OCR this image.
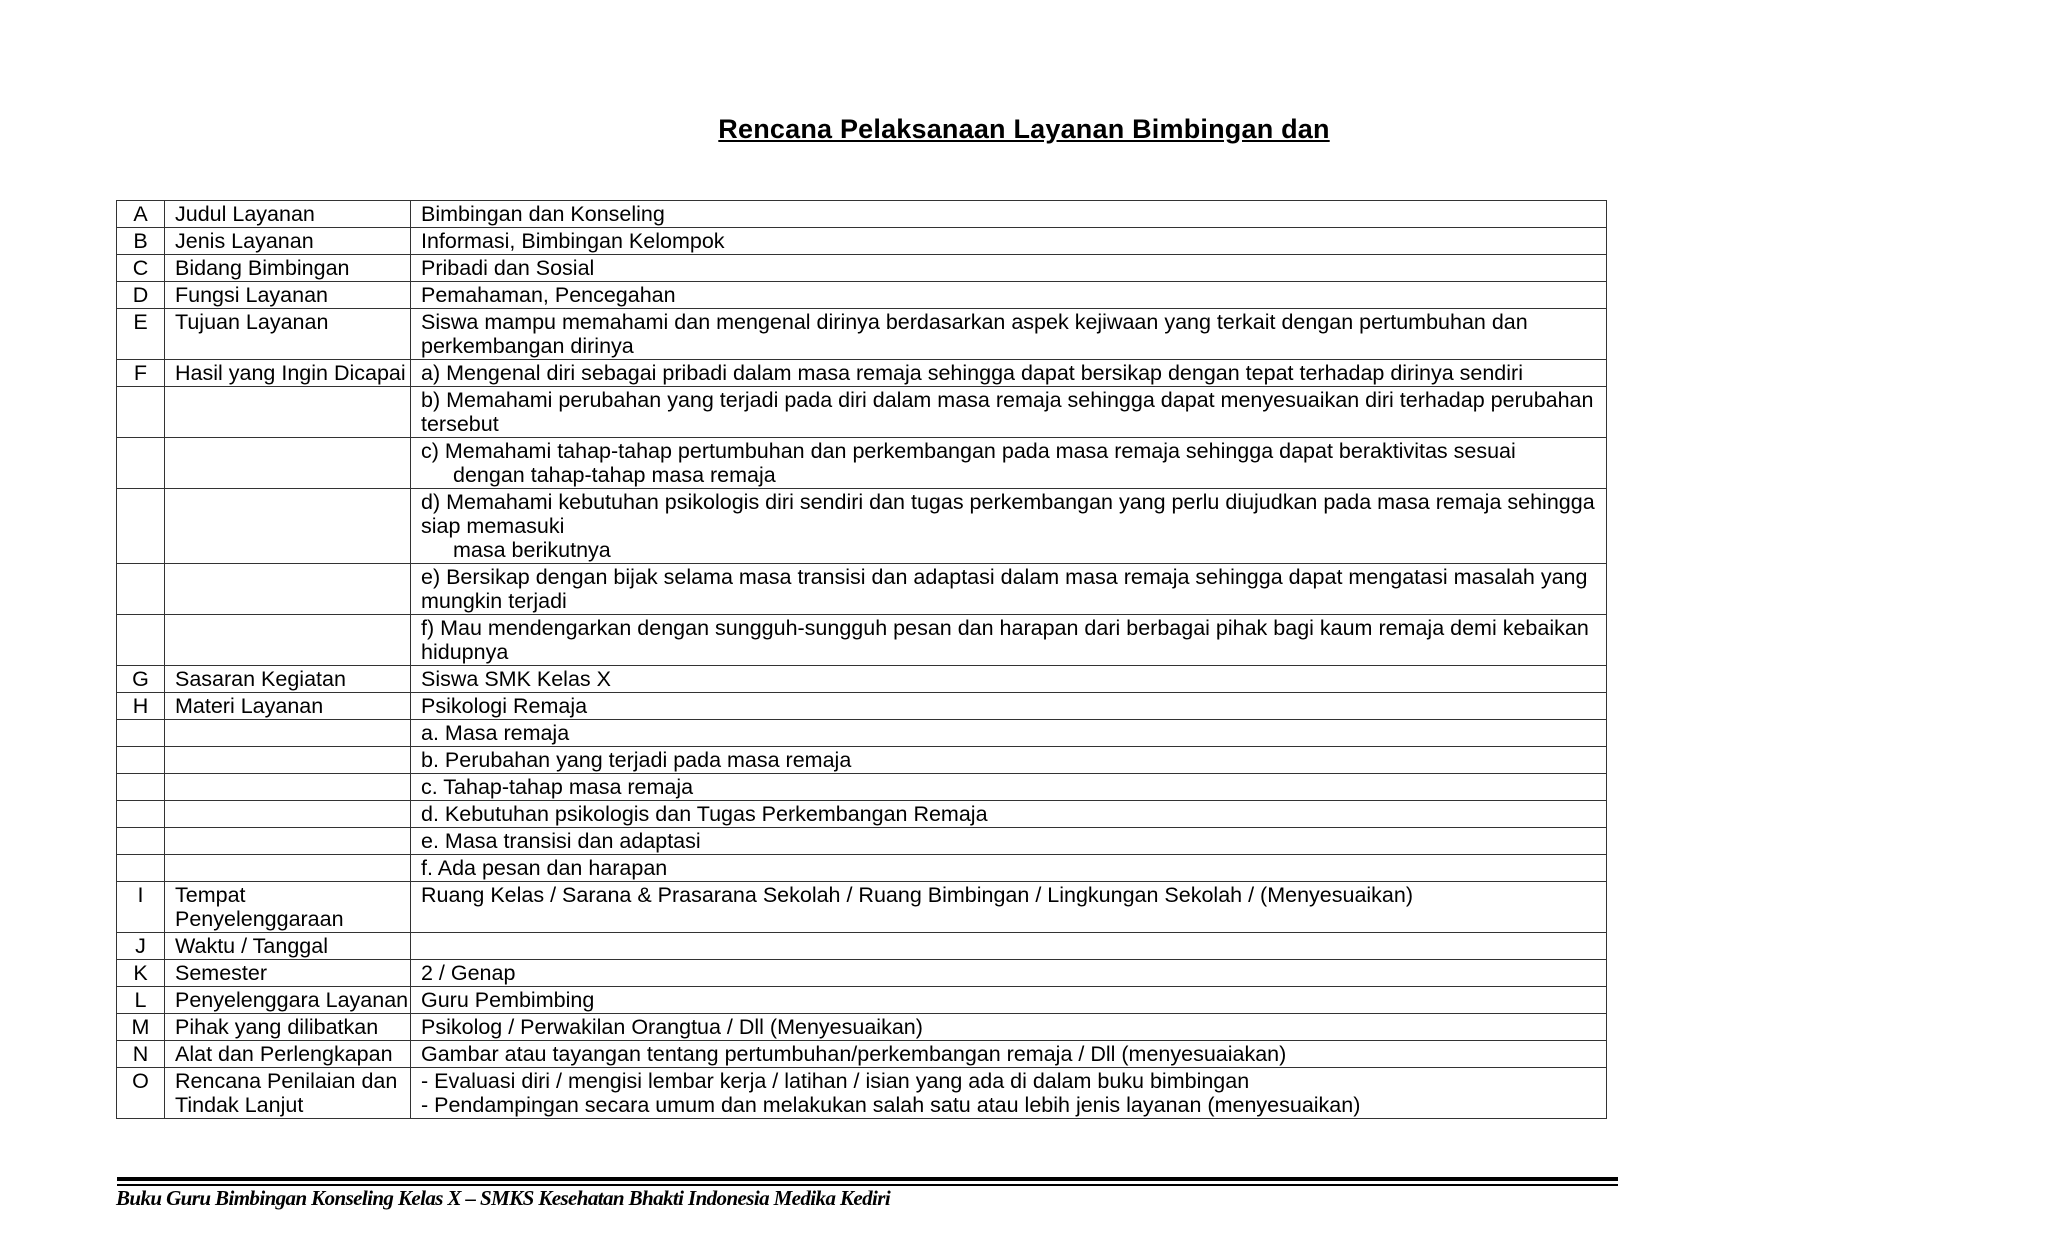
Rencana Pelaksanaan Layanan Bimbingan dan
A	Judul Layanan	Bimbingan dan Konseling
B	Jenis Layanan	Informasi, Bimbingan Kelompok
C	Bidang Bimbingan	Pribadi dan Sosial
D	Fungsi Layanan	Pemahaman, Pencegahan
E	Tujuan Layanan	Siswa mampu memahami dan mengenal dirinya berdasarkan aspek kejiwaan yang terkait dengan pertumbuhan dan perkembangan dirinya
F	Hasil yang Ingin Dicapai	a) Mengenal diri sebagai pribadi dalam masa remaja sehingga dapat bersikap dengan tepat terhadap dirinya sendiri
		b) Memahami perubahan yang terjadi pada diri dalam masa remaja sehingga dapat menyesuaikan diri terhadap perubahan tersebut
		c) Memahami tahap-tahap pertumbuhan dan perkembangan pada masa remaja sehingga dapat beraktivitas sesuai
dengan tahap-tahap masa remaja

		d) Memahami kebutuhan psikologis diri sendiri dan tugas perkembangan yang perlu diujudkan pada masa remaja sehingga siap memasuki
masa berikutnya

		e) Bersikap dengan bijak selama masa transisi dan adaptasi dalam masa remaja sehingga dapat mengatasi masalah yang mungkin terjadi
		f) Mau mendengarkan dengan sungguh-sungguh pesan dan harapan dari berbagai pihak bagi kaum remaja demi kebaikan hidupnya
G	Sasaran Kegiatan	Siswa SMK Kelas X
H	Materi Layanan	Psikologi Remaja
		a. Masa remaja
		b. Perubahan yang terjadi pada masa remaja
		c. Tahap-tahap masa remaja
		d. Kebutuhan psikologis dan Tugas Perkembangan Remaja
		e. Masa transisi dan adaptasi
		f. Ada pesan dan harapan
I	Tempat Penyelenggaraan	Ruang Kelas / Sarana & Prasarana Sekolah / Ruang Bimbingan / Lingkungan Sekolah / (Menyesuaikan)
J	Waktu / Tanggal	
K	Semester	2 / Genap
L	Penyelenggara Layanan	Guru Pembimbing
M	Pihak yang dilibatkan	Psikolog / Perwakilan Orangtua / Dll (Menyesuaikan)
N	Alat dan Perlengkapan	Gambar atau tayangan tentang pertumbuhan/perkembangan remaja / Dll (menyesuaiakan)
O	Rencana Penilaian dan Tindak Lanjut	- Evaluasi diri / mengisi lembar kerja / latihan / isian yang ada di dalam buku bimbingan
- Pendampingan secara umum dan melakukan salah satu atau lebih jenis layanan (menyesuaikan)
Buku Guru Bimbingan Konseling Kelas X – SMKS Kesehatan Bhakti Indonesia Medika Kediri
